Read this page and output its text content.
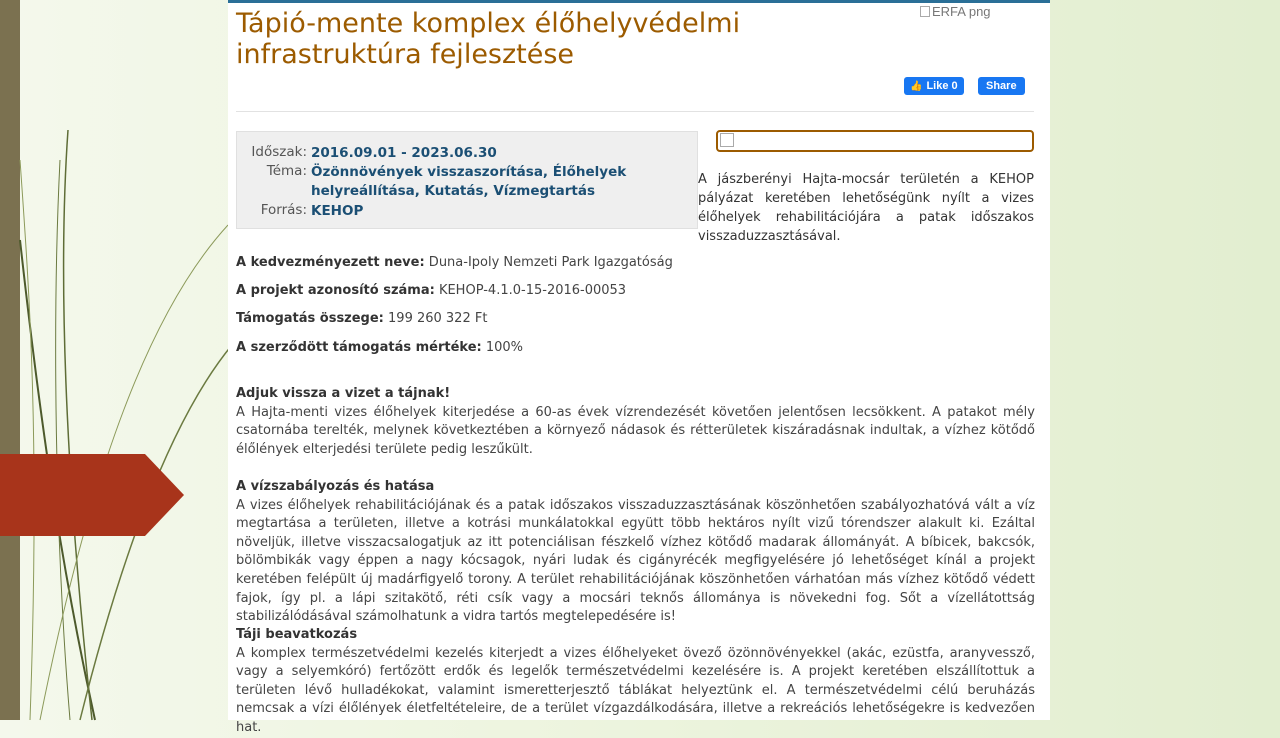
Tápió-mente komplex élőhelyvédelmi infrastruktúra fejlesztése
ERFA png
👍 Like 0	Share
Időszak: 2016.09.01 - 2023.06.30
Téma: Özönnövények visszaszorítása, Élőhelyek helyreállítása, Kutatás, Vízmegtartás
Forrás: KEHOP
A jászberényi Hajta-mocsár területén a KEHOP pályázat keretében lehetőségünk nyílt a vizes élőhelyek rehabilitációjára a patak időszakos visszaduzzasztásával.
A kedvezményezett neve: Duna-Ipoly Nemzeti Park Igazgatóság
A projekt azonosító száma: KEHOP-4.1.0-15-2016-00053
Támogatás összege: 199 260 322 Ft
A szerződött támogatás mértéke: 100%
Adjuk vissza a vizet a tájnak!

A Hajta-menti vizes élőhelyek kiterjedése a 60-as évek vízrendezését követően jelentősen lecsökkent. A patakot mély csatornába terelték, melynek következtében a környező nádasok és rétterületek kiszáradásnak indultak, a vízhez kötődő élőlények elterjedési területe pedig leszűkült.

A vízszabályozás és hatása

A vizes élőhelyek rehabilitációjának és a patak időszakos visszaduzzasztásának köszönhetően szabályozhatóvá vált a víz megtartása a területen, illetve a kotrási munkálatokkal együtt több hektáros nyílt vizű tórendszer alakult ki. Ezáltal növeljük, illetve visszacsalogatjuk az itt potenciálisan fészkelő vízhez kötődő madarak állományát. A bíbicek, bakcsók, bölömbikák vagy éppen a nagy kócsagok, nyári ludak és cigányrécék megfigyelésére jó lehetőséget kínál a projekt keretében felépült új madárfigyelő torony. A terület rehabilitációjának köszönhetően várhatóan más vízhez kötődő védett fajok, így pl. a lápi szitakötő, réti csík vagy a mocsári teknős állománya is növekedni fog. Sőt a vízellátottság stabilizálódásával számolhatunk a vidra tartós megtelepedésére is!

Táji beavatkozás

A komplex természetvédelmi kezelés kiterjedt a vizes élőhelyeket övező özönnövényekkel (akác, ezüstfa, aranyvessző, vagy a selyemkóró) fertőzött erdők és legelők természetvédelmi kezelésére is. A projekt keretében elszállítottuk a területen lévő hulladékokat, valamint ismeretterjesztő táblákat helyeztünk el. A természetvédelmi célú beruházás nemcsak a vízi élőlények életfeltételeire, de a terület vízgazdálkodására, illetve a rekreációs lehetőségekre is kedvezően hat.
